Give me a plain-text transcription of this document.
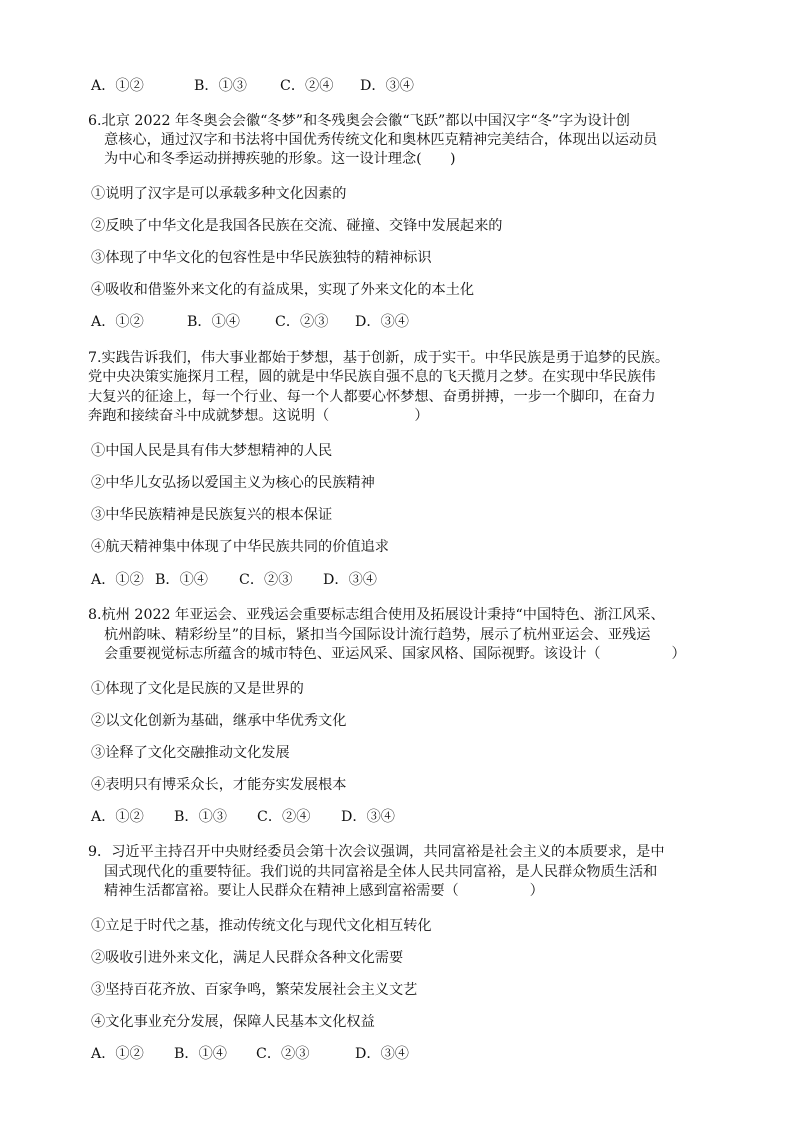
A．①②	B．①③ C．②④ D．③④
6.北京 2022 年冬奥会会徽“冬梦”和冬残奥会会徽“飞跃”都以中国汉字“冬”字为设计创
意核心，通过汉字和书法将中国优秀传统文化和奥林匹克精神完美结合，体现出以运动员
为中心和冬季运动拼搏疾驰的形象。这一设计理念(　　)
①说明了汉字是可以承载多种文化因素的
②反映了中华文化是我国各民族在交流、碰撞、交锋中发展起来的
③体现了中华文化的包容性是中华民族独特的精神标识
④吸收和借鉴外来文化的有益成果，实现了外来文化的本土化
A．①②	B．①④ C．②③ D．③④
7.实践告诉我们，伟大事业都始于梦想，基于创新，成于实干。中华民族是勇于追梦的民族。
党中央决策实施探月工程，圆的就是中华民族自强不息的飞天揽月之梦。在实现中华民族伟
大复兴的征途上，每一个行业、每一个人都要心怀梦想、奋勇拼搏，一步一个脚印，在奋力
奔跑和接续奋斗中成就梦想。这说明（　　　　　　）
①中国人民是具有伟大梦想精神的人民
②中华儿女弘扬以爱国主义为核心的民族精神
③中华民族精神是民族复兴的根本保证
④航天精神集中体现了中华民族共同的价值追求
A．①② B．①④ C．②③ D．③④
8.杭州 2022 年亚运会、亚残运会重要标志组合使用及拓展设计秉持“中国特色、浙江风采、
杭州韵味、精彩纷呈”的目标，紧扣当今国际设计流行趋势，展示了杭州亚运会、亚残运
会重要视觉标志所蕴含的城市特色、亚运风采、国家风格、国际视野。该设计（　　　　　）
①体现了文化是民族的又是世界的
②以文化创新为基础，继承中华优秀文化
③诠释了文化交融推动文化发展
④表明只有博采众长，才能夯实发展根本
A．①② B．①③ C．②④ D．③④
9．习近平主持召开中央财经委员会第十次会议强调，共同富裕是社会主义的本质要求，是中
国式现代化的重要特征。我们说的共同富裕是全体人民共同富裕，是人民群众物质生活和
精神生活都富裕。要让人民群众在精神上感到富裕需要（　　　　　）
①立足于时代之基，推动传统文化与现代文化相互转化
②吸收引进外来文化，满足人民群众各种文化需要
③坚持百花齐放、百家争鸣，繁荣发展社会主义文艺
④文化事业充分发展，保障人民基本文化权益
A．①② B．①④ C．②③	D．③④
